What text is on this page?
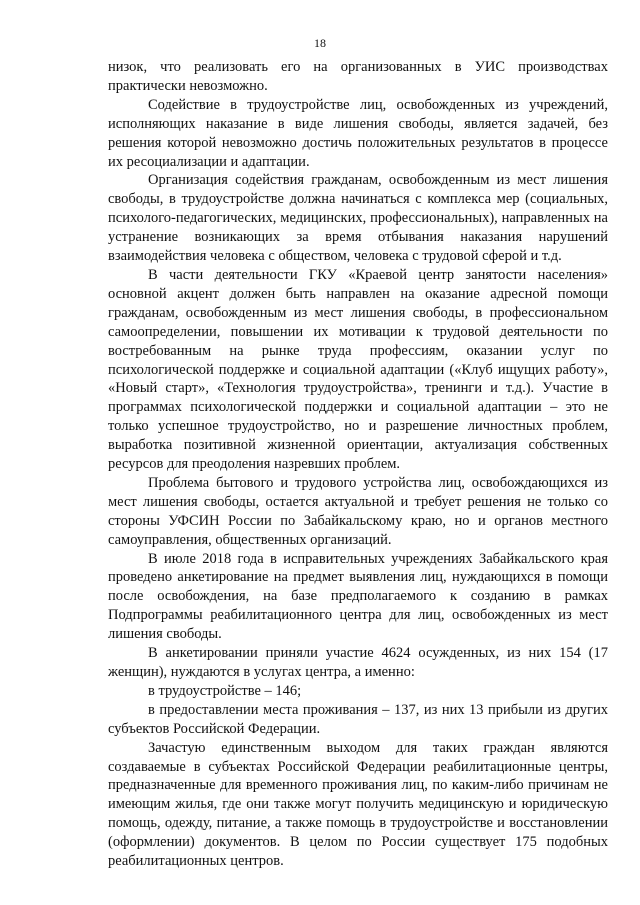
18

низок, что реализовать его на организованных в УИС производствах практически невозможно.

Содействие в трудоустройстве лиц, освобожденных из учреждений, исполняющих наказание в виде лишения свободы, является задачей, без решения которой невозможно достичь положительных результатов в процессе их ресоциализации и адаптации.

Организация содействия гражданам, освобожденным из мест лишения свободы, в трудоустройстве должна начинаться с комплекса мер (социальных, психолого-педагогических, медицинских, профессиональных), направленных на устранение возникающих за время отбывания наказания нарушений взаимодействия человека с обществом, человека с трудовой сферой и т.д.

В части деятельности ГКУ «Краевой центр занятости населения» основной акцент должен быть направлен на оказание адресной помощи гражданам, освобожденным из мест лишения свободы, в профессиональном самоопределении, повышении их мотивации к трудовой деятельности по востребованным на рынке труда профессиям, оказании услуг по психологической поддержке и социальной адаптации («Клуб ищущих работу», «Новый старт», «Технология трудоустройства», тренинги и т.д.). Участие в программах психологической поддержки и социальной адаптации – это не только успешное трудоустройство, но и разрешение личностных проблем, выработка позитивной жизненной ориентации, актуализация собственных ресурсов для преодоления назревших проблем.

Проблема бытового и трудового устройства лиц, освобождающихся из мест лишения свободы, остается актуальной и требует решения не только со стороны УФСИН России по Забайкальскому краю, но и органов местного самоуправления, общественных организаций.

В июле 2018 года в исправительных учреждениях Забайкальского края проведено анкетирование на предмет выявления лиц, нуждающихся в помощи после освобождения, на базе предполагаемого к созданию в рамках Подпрограммы реабилитационного центра для лиц, освобожденных из мест лишения свободы.

В анкетировании приняли участие 4624 осужденных, из них 154 (17 женщин), нуждаются в услугах центра, а именно:

в трудоустройстве – 146;

в предоставлении места проживания – 137, из них 13 прибыли из других субъектов Российской Федерации.

Зачастую единственным выходом для таких граждан являются создаваемые в субъектах Российской Федерации реабилитационные центры, предназначенные для временного проживания лиц, по каким-либо причинам не имеющим жилья, где они также могут получить медицинскую и юридическую помощь, одежду, питание, а также помощь в трудоустройстве и восстановлении (оформлении) документов. В целом по России существует 175 подобных реабилитационных центров.
